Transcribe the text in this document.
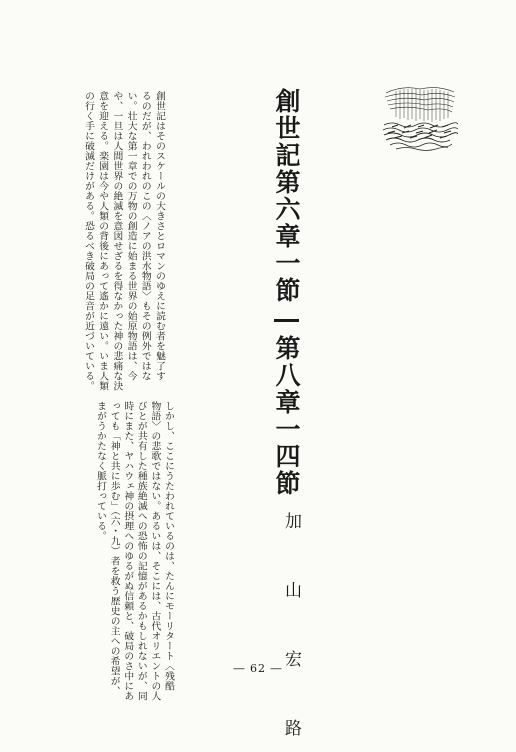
創世記第六章一節―第八章一四節
加 山 宏 路
創世記はそのスケールの大きさとロマンのゆえに読む者を魅了す
るのだが、われわれのこの〈ノアの洪水物語〉もその例外ではな
い。壮大な第一章での万物の創造に始まる世界の始原物語は、今
や、一旦は人間世界の絶滅を意図せざるを得なかった神の悲痛な決
意を迎える。楽園は今や人類の背後にあって遙かに遠い。いま人類
の行く手に破滅だけがある。恐るべき破局の足音が近づいている。
しかし、ここにうたわれているのは、たんにモーリタート〈残酷
物語〉の悲歌ではない。あるいは、そこには、古代オリエントの人
びとが共有した種族絶滅への恐怖の記憶があるかもしれないが、同
時にまた、ヤハウェ神の摂理へのゆるがぬ信頼と、破局のさ中にあ
っても「神と共に歩む」（六・九）者を救う歴史の主への希望が、
まがうかたなく脈打っている。
― 62 ―
